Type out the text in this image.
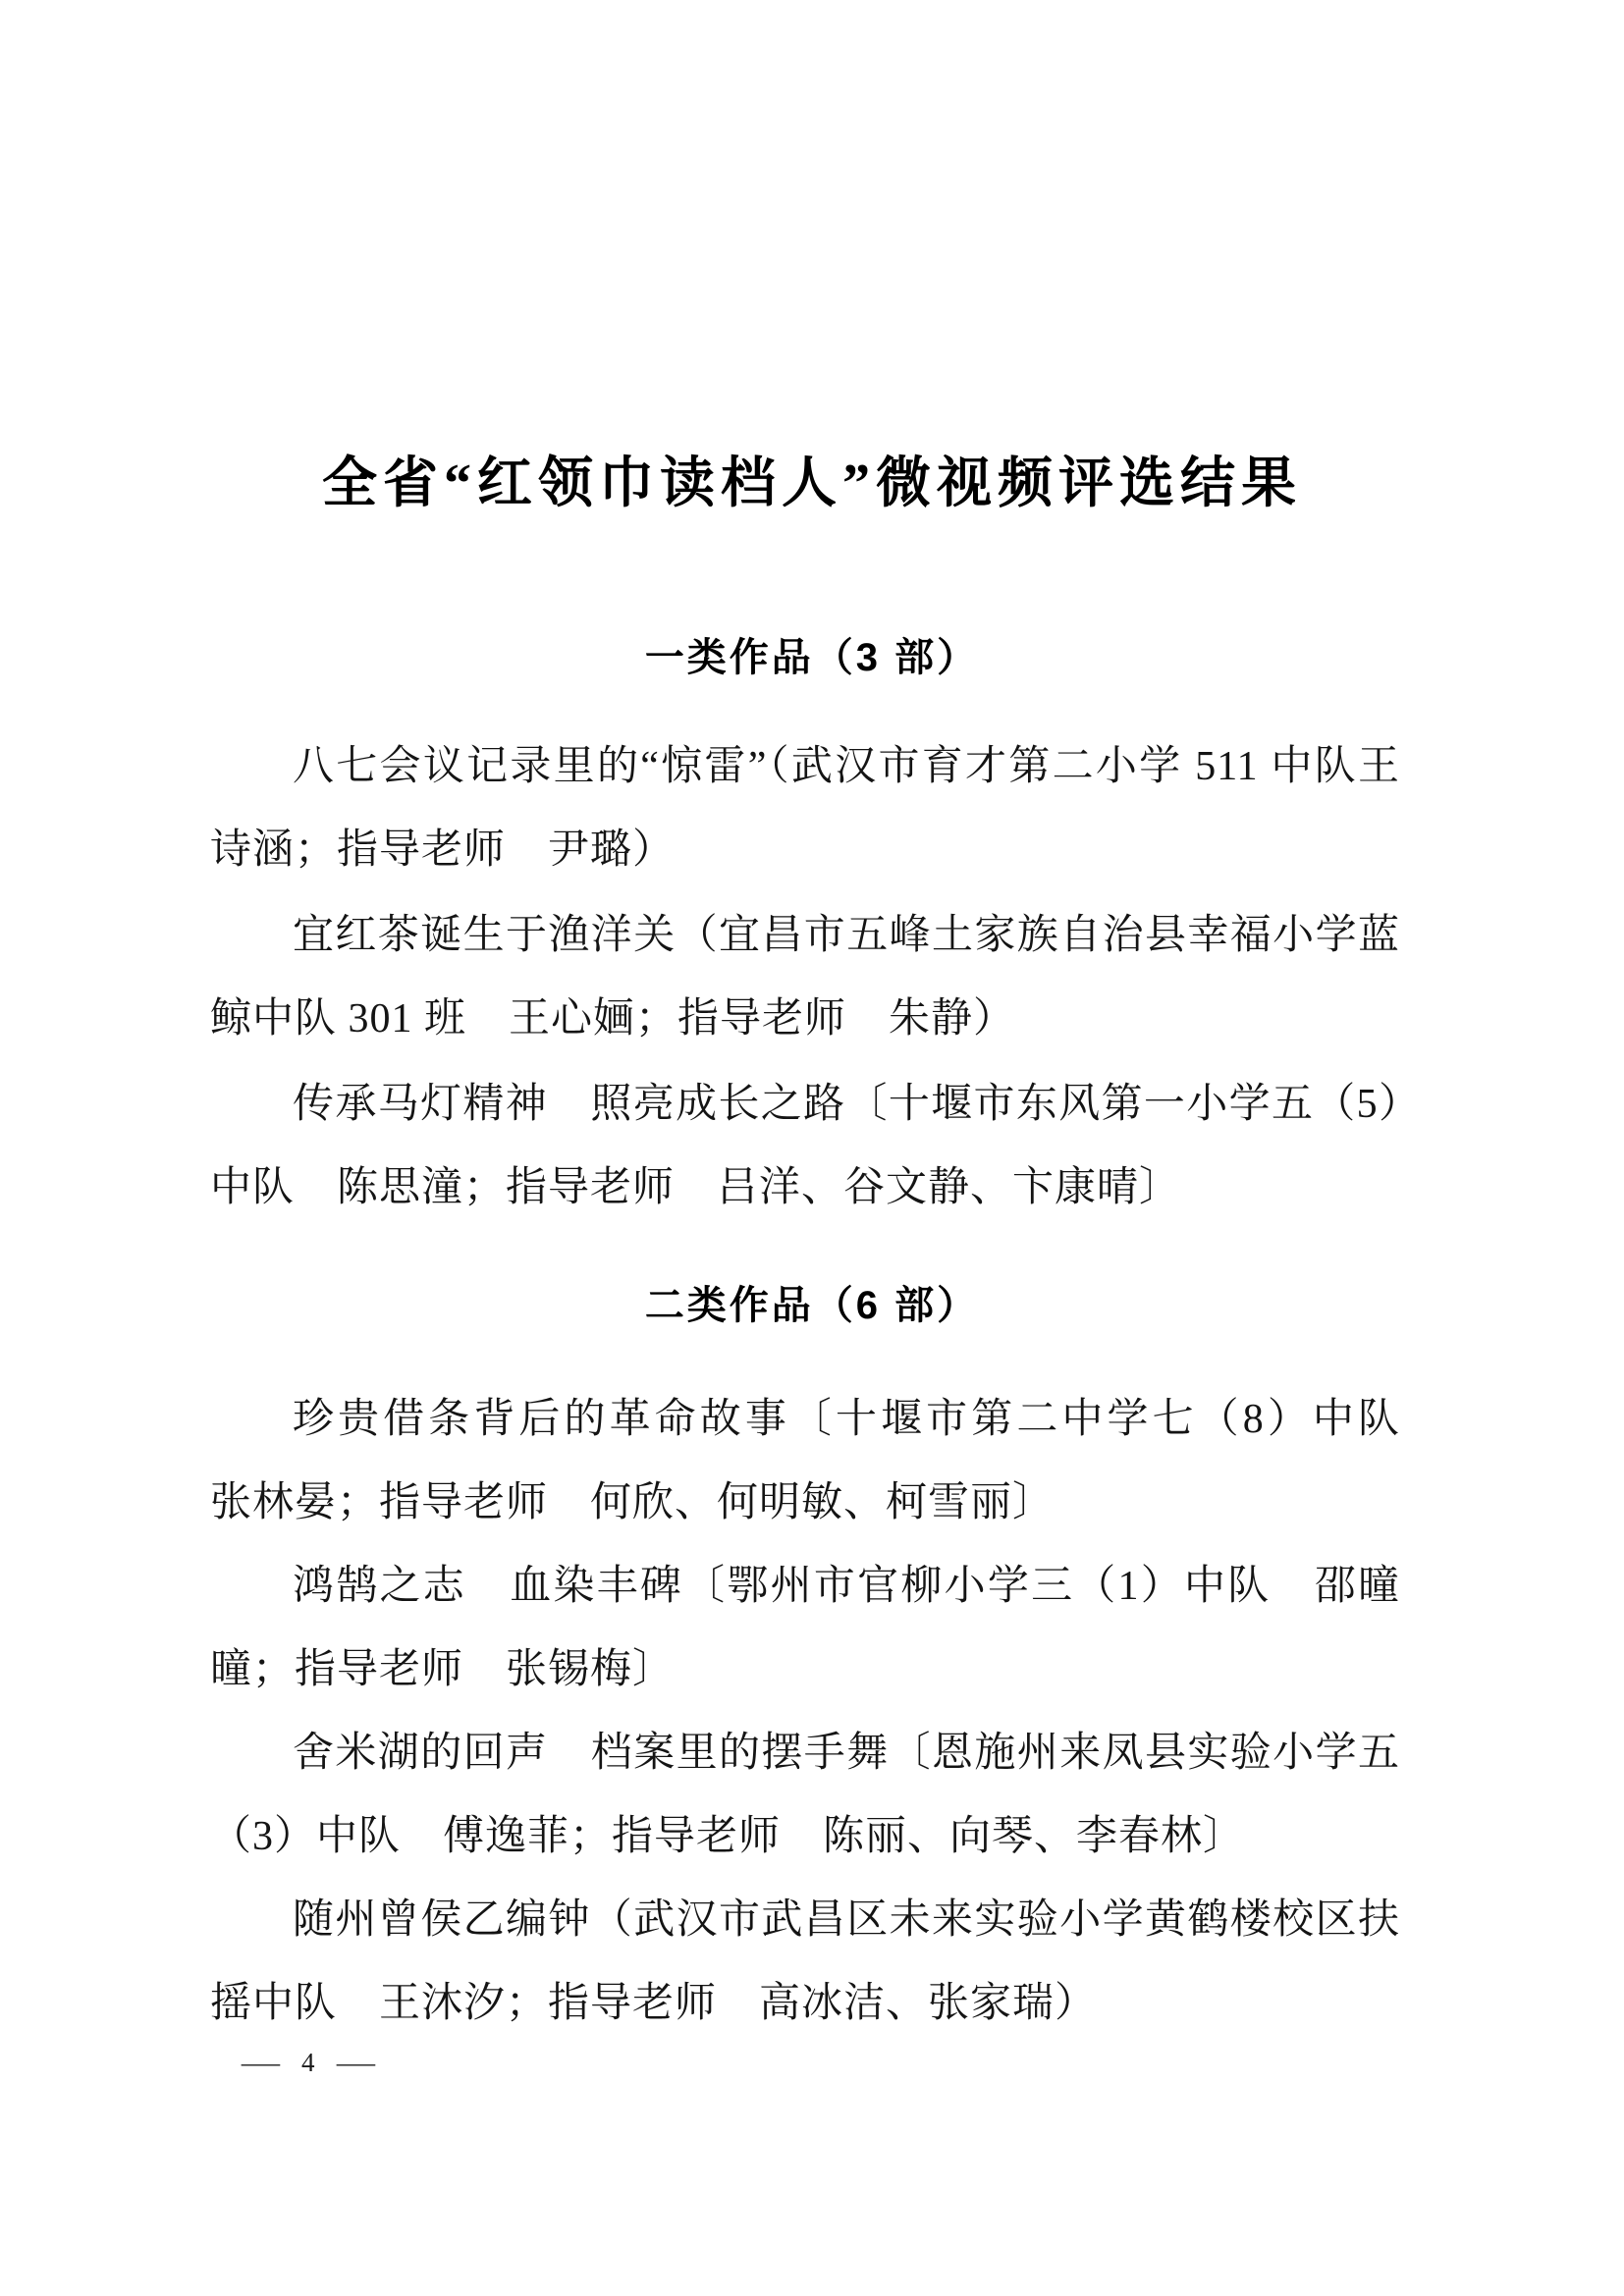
全省“红领巾读档人”微视频评选结果
一类作品（3 部）

八七会议记录里的“惊雷”（武汉市育才第二小学 511 中队王诗涵；指导老师　尹璐）

宜红茶诞生于渔洋关（宜昌市五峰土家族自治县幸福小学蓝鲸中队 301 班　王心婳；指导老师　朱静）

传承马灯精神　照亮成长之路〔十堰市东风第一小学五（5）中队　陈思潼；指导老师　吕洋、谷文静、卞康晴〕

二类作品（6 部）

珍贵借条背后的革命故事〔十堰市第二中学七（8）中队　张林晏；指导老师　何欣、何明敏、柯雪丽〕

鸿鹄之志　血染丰碑〔鄂州市官柳小学三（1）中队　邵曈曈；指导老师　张锡梅〕

舍米湖的回声　档案里的摆手舞〔恩施州来凤县实验小学五（3）中队　傅逸菲；指导老师　陈丽、向琴、李春林〕

随州曾侯乙编钟（武汉市武昌区未来实验小学黄鹤楼校区扶摇中队　王沐汐；指导老师　高冰洁、张家瑞）

— 4 —
